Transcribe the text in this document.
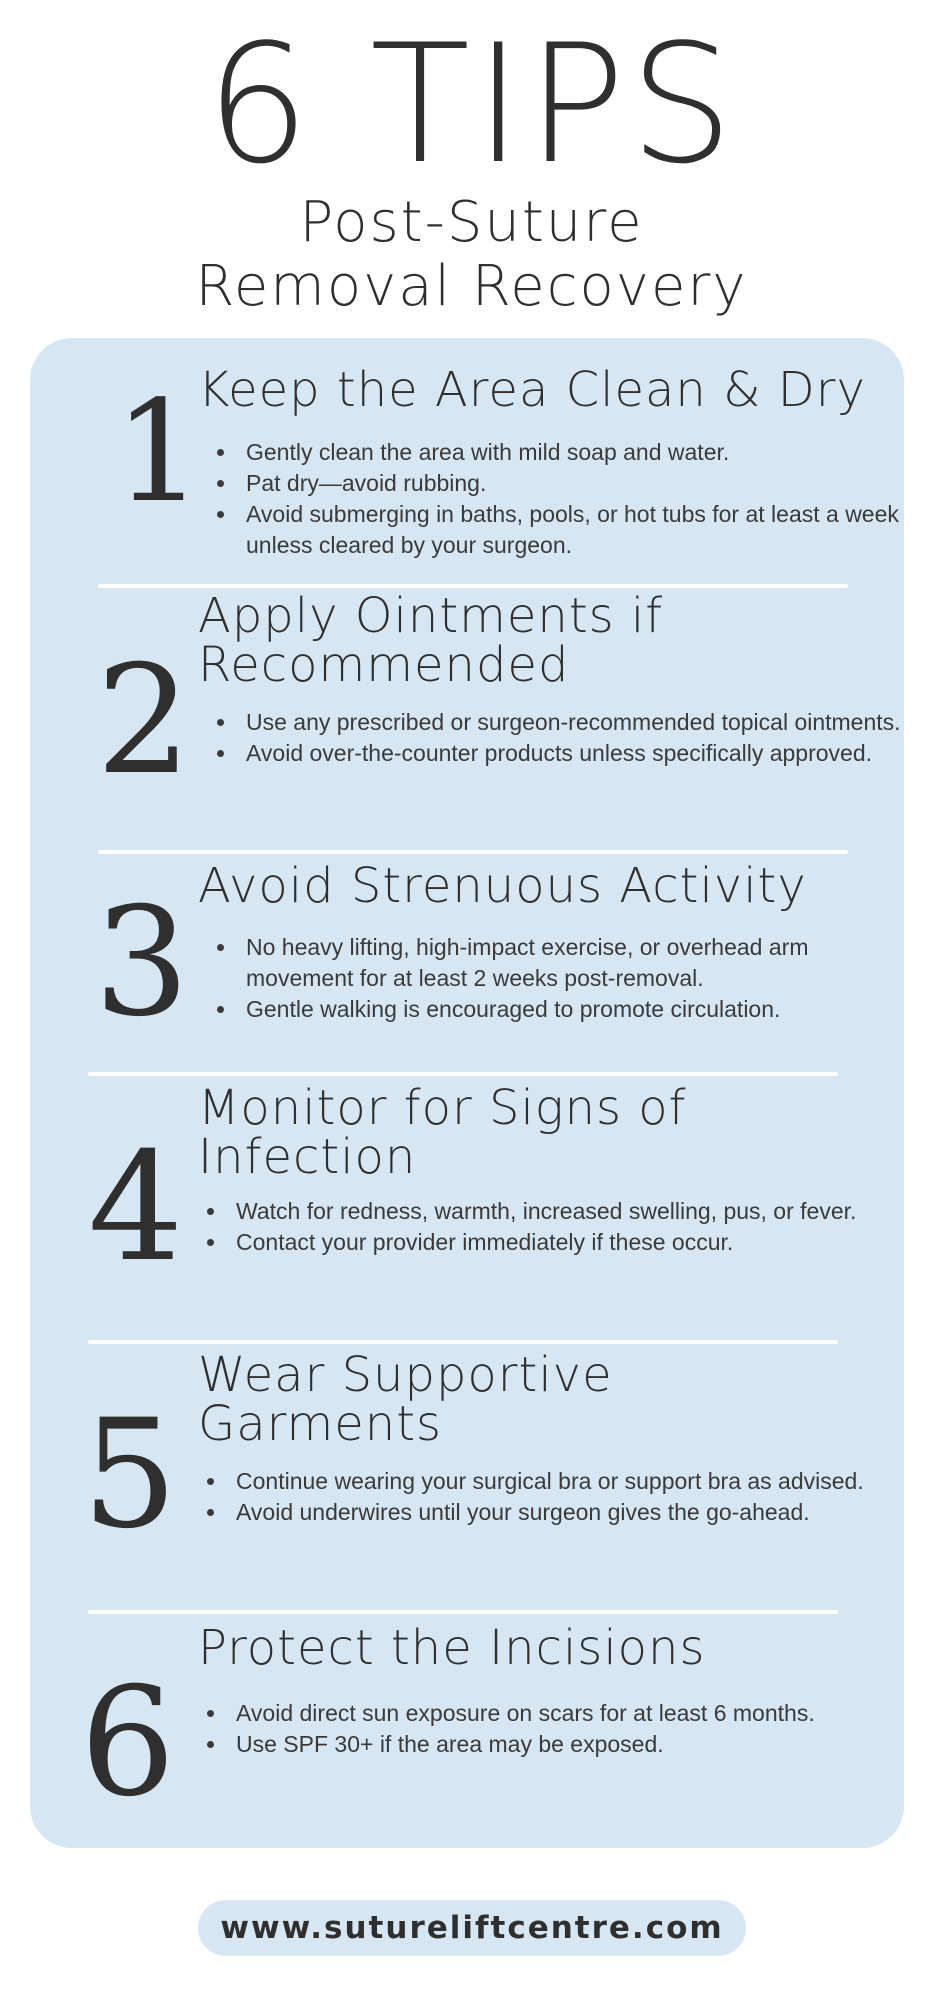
6 TIPS
Post-Suture
Removal Recovery
1
Keep the Area Clean & Dry
Gently clean the area with mild soap and water.
Pat dry—avoid rubbing.
Avoid submerging in baths, pools, or hot tubs for at least a week unless cleared by your surgeon.
2
Apply Ointments if Recommended
Use any prescribed or surgeon-recommended topical ointments.
Avoid over-the-counter products unless specifically approved.
3 Avoid Strenuous Activity
No heavy lifting, high-impact exercise, or overhead arm movement for at least 2 weeks post-removal.
Gentle walking is encouraged to promote circulation.
4
Monitor for Signs of Infection
Watch for redness, warmth, increased swelling, pus, or fever.
Contact your provider immediately if these occur.
5
Wear Supportive Garments
Continue wearing your surgical bra or support bra as advised.
Avoid underwires until your surgeon gives the go-ahead.
6
Protect the Incisions
Avoid direct sun exposure on scars for at least 6 months.
Use SPF 30+ if the area may be exposed.
www.sutureliftcentre.com
